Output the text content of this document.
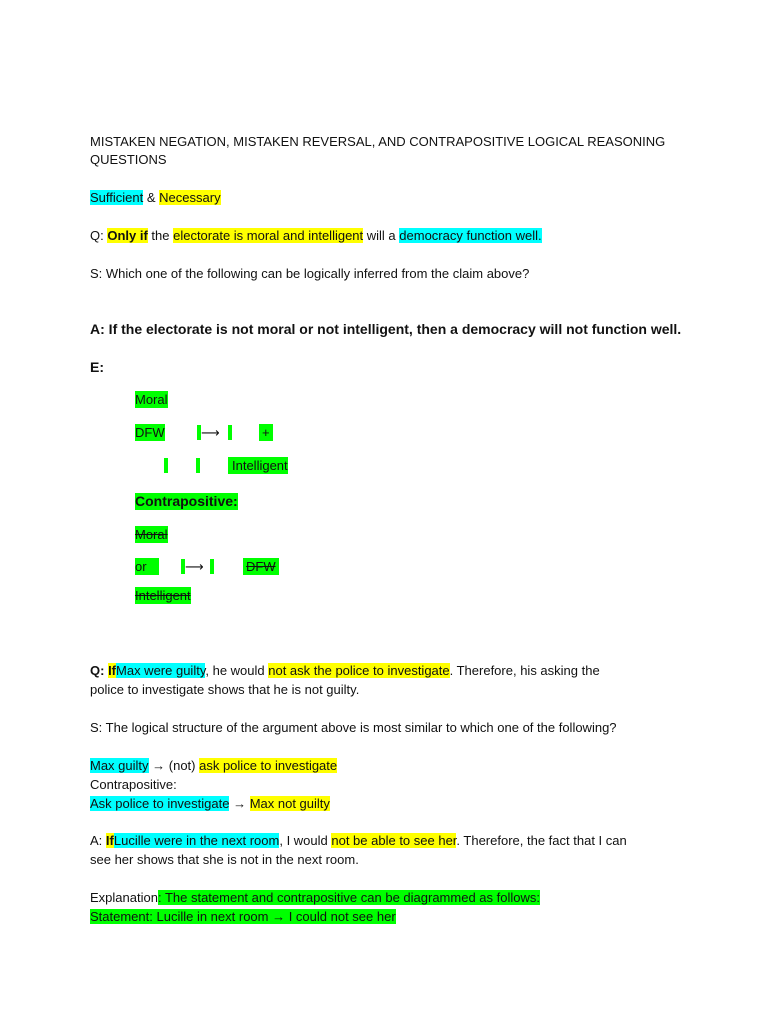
MISTAKEN NEGATION, MISTAKEN REVERSAL, AND CONTRAPOSITIVE LOGICAL REASONING
QUESTIONS
Sufficient & Necessary
Q: Only if the electorate is moral and intelligent will a democracy function well.
S: Which one of the following can be logically inferred from the claim above?
A: If the electorate is not moral or not intelligent, then a democracy will not function well.
E:
Moral
DFW	⟶	+
Intelligent
Contrapositive:
Moral
or	⟶	DFW
Intelligent
Q: IfMax were guilty, he would not ask the police to investigate. Therefore, his asking the
police to investigate shows that he is not guilty.
S: The logical structure of the argument above is most similar to which one of the following?
Max guilty → (not) ask police to investigate
Contrapositive:
Ask police to investigate → Max not guilty
A: IfLucille were in the next room, I would not be able to see her. Therefore, the fact that I can
see her shows that she is not in the next room.
Explanation: The statement and contrapositive can be diagrammed as follows:
Statement: Lucille in next room → I could not see her
